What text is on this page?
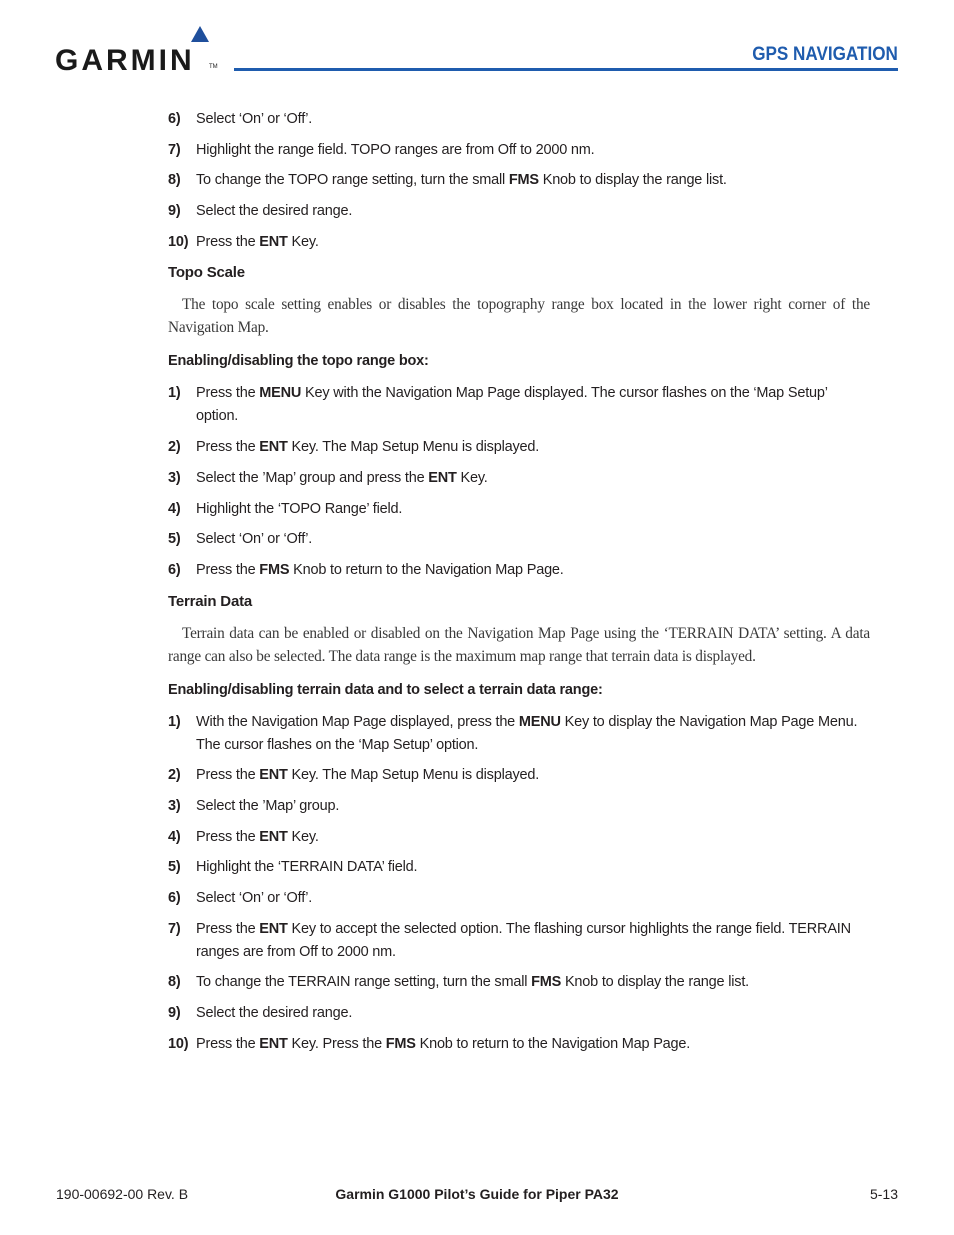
GARMIN TM
GPS NAVIGATION
6)	Select ‘On’ or ‘Off’.
7)	Highlight the range field. TOPO ranges are from Off to 2000 nm.
8)	To change the TOPO range setting, turn the small FMS Knob to display the range list.
9)	Select the desired range.
10) Press the ENT Key.
Topo Scale

The topo scale setting enables or disables the topography range box located in the lower right corner of the Navigation Map.

Enabling/disabling the topo range box:
1)	Press the MENU Key with the Navigation Map Page displayed. The cursor flashes on the ‘Map Setup’ option.
2)	Press the ENT Key. The Map Setup Menu is displayed.
3)	Select the ’Map’ group and press the ENT Key.
4)	Highlight the ‘TOPO Range’ field.
5)	Select ‘On’ or ‘Off’.
6)	Press the FMS Knob to return to the Navigation Map Page.
Terrain Data

Terrain data can be enabled or disabled on the Navigation Map Page using the ‘TERRAIN DATA’ setting. A data range can also be selected. The data range is the maximum map range that terrain data is displayed.

Enabling/disabling terrain data and to select a terrain data range:
1)	With the Navigation Map Page displayed, press the MENU Key to display the Navigation Map Page Menu. The cursor flashes on the ‘Map Setup’ option.
2)	Press the ENT Key. The Map Setup Menu is displayed.
3)	Select the ’Map’ group.
4)	Press the ENT Key.
5)	Highlight the ‘TERRAIN DATA’ field.
6)	Select ‘On’ or ‘Off’.
7)	Press the ENT Key to accept the selected option. The flashing cursor highlights the range field. TERRAIN ranges are from Off to 2000 nm.
8)	To change the TERRAIN range setting, turn the small FMS Knob to display the range list.
9)	Select the desired range.
10) Press the ENT Key. Press the FMS Knob to return to the Navigation Map Page.
190-00692-00 Rev. B	Garmin G1000 Pilot’s Guide for Piper PA32	5-13
